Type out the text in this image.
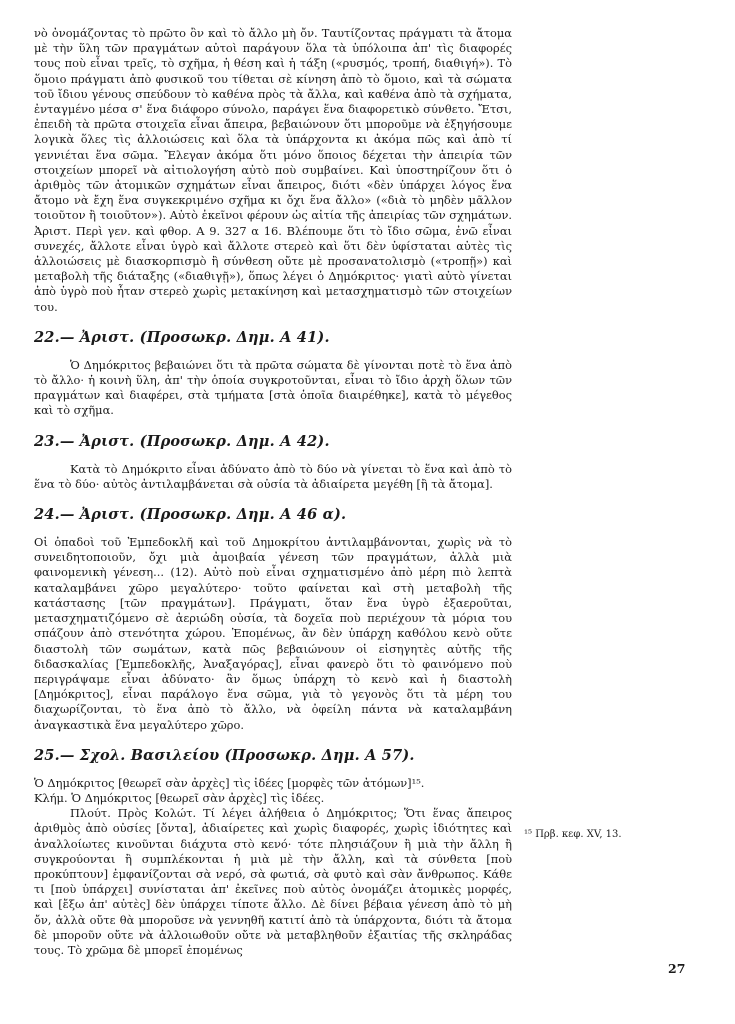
νὸ ὀνομάζοντας τὸ πρῶτο ὂν καὶ τὸ ἄλλο μὴ ὄν. Ταυτίζοντας πράγματι τὰ ἄτομα μὲ τὴν ὕλη τῶν πραγμάτων αὐτοὶ παράγουν ὅλα τὰ ὑπόλοιπα ἀπ' τὶς διαφορές τους ποὺ εἶναι τρεῖς, τὸ σχῆμα, ἡ θέση καὶ ἡ τάξη («ρυσμός, τροπή, διαθιγή»). Τὸ ὅμοιο πράγματι ἀπὸ φυσικοῦ του τίθεται σὲ κίνηση ἀπὸ τὸ ὅμοιο, καὶ τὰ σώματα τοῦ ἴδιου γένους σπεύδουν τὸ καθένα πρὸς τὰ ἄλλα, καὶ καθένα ἀπὸ τὰ σχήματα, ἐνταγμένο μέσα σ' ἕνα διάφορο σύνολο, παράγει ἕνα διαφορετικὸ σύνθετο. Ἔτσι, ἐπειδὴ τὰ πρῶτα στοιχεῖα εἶναι ἄπειρα, βεβαιώνουν ὅτι μποροῦμε νὰ ἐξηγήσουμε λογικὰ ὅλες τὶς ἀλλοιώσεις καὶ ὅλα τὰ ὑπάρχοντα κι ἀκόμα πῶς καὶ ἀπὸ τί γεννιέται ἕνα σῶμα. Ἔλεγαν ἀκόμα ὅτι μόνο ὅποιος δέχεται τὴν ἀπειρία τῶν στοιχείων μπορεῖ νὰ αἰτιολογήση αὐτὸ ποὺ συμβαίνει. Καὶ ὑποστηρίζουν ὅτι ὁ ἀριθμὸς τῶν ἀτομικῶν σχημάτων εἶναι ἄπειρος, διότι «δὲν ὑπάρχει λόγος ἕνα ἄτομο νὰ ἔχη ἕνα συγκεκριμένο σχῆμα κι ὄχι ἕνα ἄλλο» («διὰ τὸ μηδὲν μᾶλλον τοιοῦτον ἢ τοιοῦτον»). Αὐτὸ ἐκεῖνοι φέρουν ὡς αἰτία τῆς ἀπειρίας τῶν σχημάτων. Ἀριστ. Περὶ γεν. καὶ φθορ. Α 9. 327 α 16. Βλέπουμε ὅτι τὸ ἴδιο σῶμα, ἐνῶ εἶναι συνεχές, ἄλλοτε εἶναι ὑγρὸ καὶ ἄλλοτε στερεὸ καὶ ὅτι δὲν ὑφίσταται αὐτὲς τὶς ἀλλοιώσεις μὲ διασκορπισμὸ ἢ σύνθεση οὔτε μὲ προσανατολισμὸ («τροπῇ») καὶ μεταβολὴ τῆς διάταξης («διαθιγῇ»), ὅπως λέγει ὁ Δημόκριτος· γιατὶ αὐτὸ γίνεται ἀπὸ ὑγρὸ ποὺ ἦταν στερεὸ χωρὶς μετακίνηση καὶ μετασχηματισμὸ τῶν στοιχείων του.

22.— Ἀριστ. (Προσωκρ. Δημ. Α 41).

Ὁ Δημόκριτος βεβαιώνει ὅτι τὰ πρῶτα σώματα δὲ γίνονται ποτὲ τὸ ἕνα ἀπὸ τὸ ἄλλο· ἡ κοινὴ ὕλη, ἀπ' τὴν ὁποία συγκροτοῦνται, εἶναι τὸ ἴδιο ἀρχὴ ὅλων τῶν πραγμάτων καὶ διαφέρει, στὰ τμήματα [στὰ ὁποῖα διαιρέθηκε], κατὰ τὸ μέγεθος καὶ τὸ σχῆμα.

23.— Ἀριστ. (Προσωκρ. Δημ. Α 42).

Κατὰ τὸ Δημόκριτο εἶναι ἀδύνατο ἀπὸ τὸ δύο νὰ γίνεται τὸ ἕνα καὶ ἀπὸ τὸ ἕνα τὸ δύο· αὐτὸς ἀντιλαμβάνεται σὰ οὐσία τὰ ἀδιαίρετα μεγέθη [ἢ τὰ ἄτομα].

24.— Ἀριστ. (Προσωκρ. Δημ. Α 46 α).

Οἱ ὀπαδοὶ τοῦ Ἐμπεδοκλῆ καὶ τοῦ Δημοκρίτου ἀντιλαμβάνονται, χωρὶς νὰ τὸ συνειδητοποιοῦν, ὄχι μιὰ ἀμοιβαία γένεση τῶν πραγμάτων, ἀλλὰ μιὰ φαινομενικὴ γένεση... (12). Αὐτὸ ποὺ εἶναι σχηματισμένο ἀπὸ μέρη πιὸ λεπτὰ καταλαμβάνει χῶρο μεγαλύτερο· τοῦτο φαίνεται καὶ στὴ μεταβολὴ τῆς κατάστασης [τῶν πραγμάτων]. Πράγματι, ὅταν ἕνα ὑγρὸ ἐξαεροῦται, μετασχηματιζόμενο σὲ ἀεριώδη οὐσία, τὰ δοχεῖα ποὺ περιέχουν τὰ μόρια του σπάζουν ἀπὸ στενότητα χώρου. Ἐπομένως, ἂν δὲν ὑπάρχη καθόλου κενὸ οὔτε διαστολὴ τῶν σωμάτων, κατὰ πῶς βεβαιώνουν οἱ εἰσηγητὲς αὐτῆς τῆς διδασκαλίας [Ἐμπεδοκλῆς, Ἀναξαγόρας], εἶναι φανερὸ ὅτι τὸ φαινόμενο ποὺ περιγράψαμε εἶναι ἀδύνατο· ἂν ὅμως ὑπάρχη τὸ κενὸ καὶ ἡ διαστολὴ [Δημόκριτος], εἶναι παράλογο ἕνα σῶμα, γιὰ τὸ γεγονὸς ὅτι τὰ μέρη του διαχωρίζονται, τὸ ἕνα ἀπὸ τὸ ἄλλο, νὰ ὀφείλη πάντα νὰ καταλαμβάνη ἀναγκαστικὰ ἕνα μεγαλύτερο χῶρο.

25.— Σχολ. Βασιλείου (Προσωκρ. Δημ. Α 57).

Ὁ Δημόκριτος [θεωρεῖ σὰν ἀρχὲς] τὶς ἰδέες [μορφὲς τῶν ἀτόμων]¹⁵.

Κλήμ. Ὁ Δημόκριτος [θεωρεῖ σὰν ἀρχὲς] τὶς ἰδέες.

Πλούτ. Πρὸς Κολώτ. Τί λέγει ἀλήθεια ὁ Δημόκριτος; Ὅτι ἕνας ἄπειρος ἀριθμὸς ἀπὸ οὐσίες [ὄντα], ἀδιαίρετες καὶ χωρὶς διαφορές, χωρὶς ἰδιότητες καὶ ἀναλλοίωτες κινοῦνται διάχυτα στὸ κενό· τότε πλησιάζουν ἢ μιὰ τὴν ἄλλη ἢ συγκρούονται ἢ συμπλέκονται ἡ μιὰ μὲ τὴν ἄλλη, καὶ τὰ σύνθετα [ποὺ προκύπτουν] ἐμφανίζονται σὰ νερό, σὰ φωτιά, σὰ φυτὸ καὶ σὰν ἄνθρωπος. Κάθε τι [ποὺ ὑπάρχει] συνίσταται ἀπ' ἐκεῖνες ποὺ αὐτὸς ὀνομάζει ἀτομικὲς μορφές, καὶ [ἔξω ἀπ' αὐτὲς] δὲν ὑπάρχει τίποτε ἄλλο. Δὲ δίνει βέβαια γένεση ἀπὸ τὸ μὴ ὄν, ἀλλὰ οὔτε θὰ μποροῦσε νὰ γεννηθῆ κατιτί ἀπὸ τὰ ὑπάρχοντα, διότι τὰ ἄτομα δὲ μποροῦν οὔτε νὰ ἀλλοιωθοῦν οὔτε νὰ μεταβληθοῦν ἐξαιτίας τῆς σκληράδας τους. Τὸ χρῶμα δὲ μπορεῖ ἐπομένως

¹⁵ Πρβ. κεφ. XV, 13.
27
